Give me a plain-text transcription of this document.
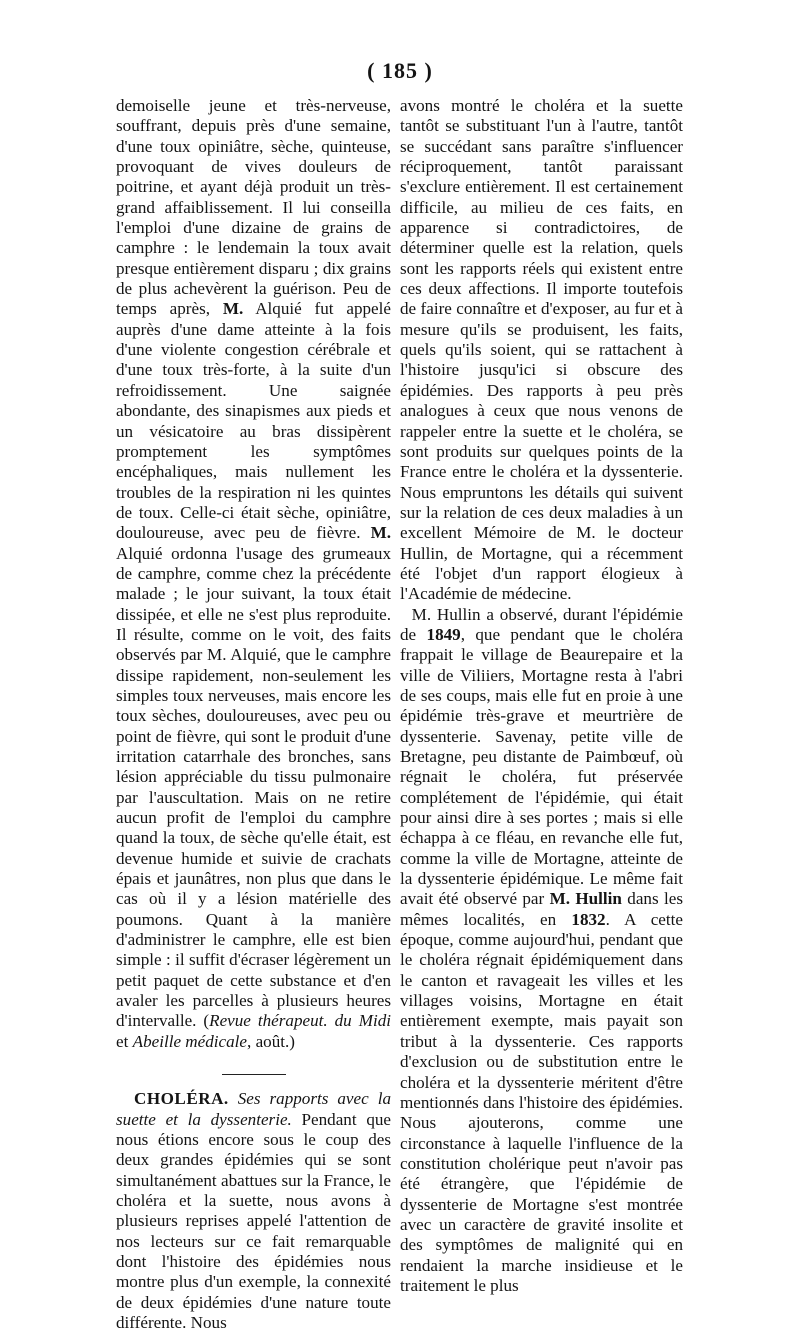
( 185 )

demoiselle jeune et très-nerveuse, souffrant, depuis près d'une semaine, d'une toux opiniâtre, sèche, quinteuse, provoquant de vives douleurs de poitrine, et ayant déjà produit un très-grand affaiblissement. Il lui conseilla l'emploi d'une dizaine de grains de camphre : le lendemain la toux avait presque entièrement disparu ; dix grains de plus achevèrent la guérison. Peu de temps après, M. Alquié fut appelé auprès d'une dame atteinte à la fois d'une violente congestion cérébrale et d'une toux très-forte, à la suite d'un refroidissement. Une saignée abondante, des sinapismes aux pieds et un vésicatoire au bras dissipèrent promptement les symptômes encéphaliques, mais nullement les troubles de la respiration ni les quintes de toux. Celle-ci était sèche, opiniâtre, douloureuse, avec peu de fièvre. M. Alquié ordonna l'usage des grumeaux de camphre, comme chez la précédente malade ; le jour suivant, la toux était dissipée, et elle ne s'est plus reproduite. Il résulte, comme on le voit, des faits observés par M. Alquié, que le camphre dissipe rapidement, non-seulement les simples toux nerveuses, mais encore les toux sèches, douloureuses, avec peu ou point de fièvre, qui sont le produit d'une irritation catarrhale des bronches, sans lésion appréciable du tissu pulmonaire par l'auscultation. Mais on ne retire aucun profit de l'emploi du camphre quand la toux, de sèche qu'elle était, est devenue humide et suivie de crachats épais et jaunâtres, non plus que dans le cas où il y a lésion matérielle des poumons. Quant à la manière d'administrer le camphre, elle est bien simple : il suffit d'écraser légèrement un petit paquet de cette substance et d'en avaler les parcelles à plusieurs heures d'intervalle. (Revue thérapeut. du Midi et Abeille médicale, août.)

CHOLÉRA. Ses rapports avec la suette et la dyssenterie. Pendant que nous étions encore sous le coup des deux grandes épidémies qui se sont simultanément abattues sur la France, le choléra et la suette, nous avons à plusieurs reprises appelé l'attention de nos lecteurs sur ce fait remarquable dont l'histoire des épidémies nous montre plus d'un exemple, la connexité de deux épidémies d'une nature toute différente. Nous

avons montré le choléra et la suette tantôt se substituant l'un à l'autre, tantôt se succédant sans paraître s'influencer réciproquement, tantôt paraissant s'exclure entièrement. Il est certainement difficile, au milieu de ces faits, en apparence si contradictoires, de déterminer quelle est la relation, quels sont les rapports réels qui existent entre ces deux affections. Il importe toutefois de faire connaître et d'exposer, au fur et à mesure qu'ils se produisent, les faits, quels qu'ils soient, qui se rattachent à l'histoire jusqu'ici si obscure des épidémies. Des rapports à peu près analogues à ceux que nous venons de rappeler entre la suette et le choléra, se sont produits sur quelques points de la France entre le choléra et la dyssenterie. Nous empruntons les détails qui suivent sur la relation de ces deux maladies à un excellent Mémoire de M. le docteur Hullin, de Mortagne, qui a récemment été l'objet d'un rapport élogieux à l'Académie de médecine.

M. Hullin a observé, durant l'épidémie de 1849, que pendant que le choléra frappait le village de Beaurepaire et la ville de Viliiers, Mortagne resta à l'abri de ses coups, mais elle fut en proie à une épidémie très-grave et meurtrière de dyssenterie. Savenay, petite ville de Bretagne, peu distante de Paimbœuf, où régnait le choléra, fut préservée complétement de l'épidémie, qui était pour ainsi dire à ses portes ; mais si elle échappa à ce fléau, en revanche elle fut, comme la ville de Mortagne, atteinte de la dyssenterie épidémique. Le même fait avait été observé par M. Hullin dans les mêmes localités, en 1832. A cette époque, comme aujourd'hui, pendant que le choléra régnait épidémiquement dans le canton et ravageait les villes et les villages voisins, Mortagne en était entièrement exempte, mais payait son tribut à la dyssenterie. Ces rapports d'exclusion ou de substitution entre le choléra et la dyssenterie méritent d'être mentionnés dans l'histoire des épidémies. Nous ajouterons, comme une circonstance à laquelle l'influence de la constitution cholérique peut n'avoir pas été étrangère, que l'épidémie de dyssenterie de Mortagne s'est montrée avec un caractère de gravité insolite et des symptômes de malignité qui en rendaient la marche insidieuse et le traitement le plus
